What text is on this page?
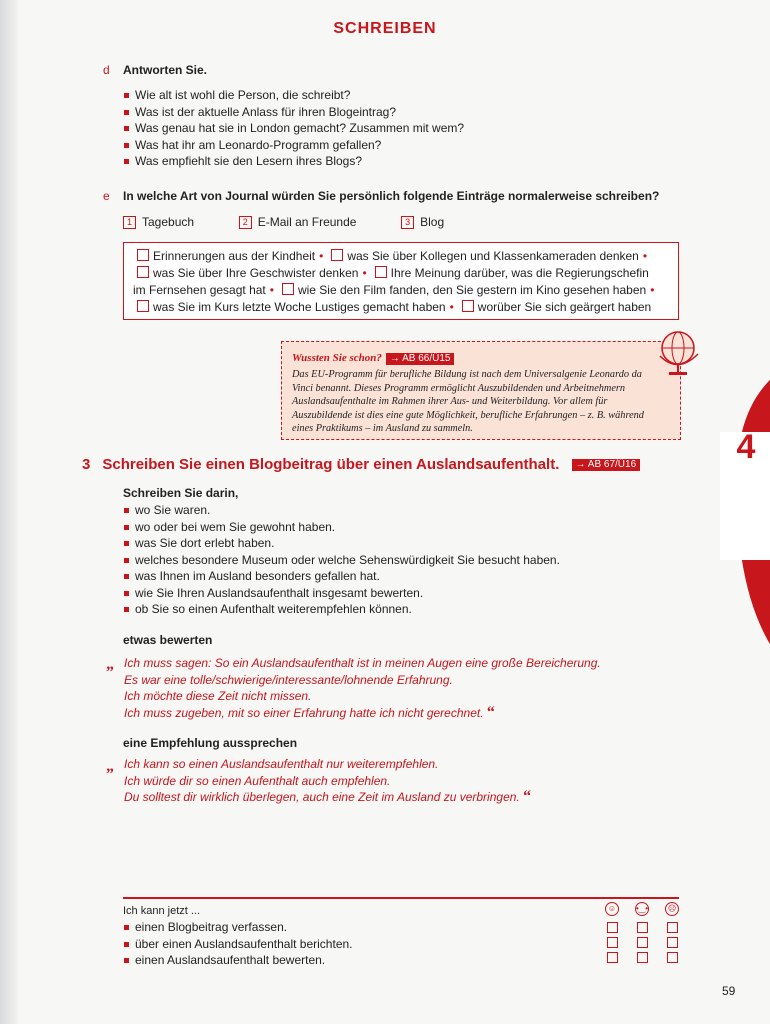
SCHREIBEN
d Antworten Sie.
Wie alt ist wohl die Person, die schreibt?
Was ist der aktuelle Anlass für ihren Blogeintrag?
Was genau hat sie in London gemacht? Zusammen mit wem?
Was hat ihr am Leonardo-Programm gefallen?
Was empfiehlt sie den Lesern ihres Blogs?
e In welche Art von Journal würden Sie persönlich folgende Einträge normalerweise schreiben?
1 Tagebuch	2 E-Mail an Freunde	3 Blog
Erinnerungen aus der Kindheit • was Sie über Kollegen und Klassenkameraden denken •
was Sie über Ihre Geschwister denken • Ihre Meinung darüber, was die Regierungschefin
im Fernsehen gesagt hat • wie Sie den Film fanden, den Sie gestern im Kino gesehen haben •
was Sie im Kurs letzte Woche Lustiges gemacht haben • worüber Sie sich geärgert haben
Wussten Sie schon? → AB 66/Ü15
Das EU-Programm für berufliche Bildung ist nach dem Universalgenie Leonardo da Vinci benannt. Dieses Programm ermöglicht Auszubildenden und Arbeitnehmern Auslandsaufenthalte im Rahmen ihrer Aus- und Weiterbildung. Vor allem für Auszubildende ist dies eine gute Möglichkeit, berufliche Erfahrungen – z. B. während eines Praktikums – im Ausland zu sammeln.
3 Schreiben Sie einen Blogbeitrag über einen Auslandsaufenthalt. → AB 67/Ü16
Schreiben Sie darin,
wo Sie waren.
wo oder bei wem Sie gewohnt haben.
was Sie dort erlebt haben.
welches besondere Museum oder welche Sehenswürdigkeit Sie besucht haben.
was Ihnen im Ausland besonders gefallen hat.
wie Sie Ihren Auslandsaufenthalt insgesamt bewerten.
ob Sie so einen Aufenthalt weiterempfehlen können.
etwas bewerten
„ Ich muss sagen: So ein Auslandsaufenthalt ist in meinen Augen eine große Bereicherung.
Es war eine tolle/schwierige/interessante/lohnende Erfahrung.
Ich möchte diese Zeit nicht missen.
Ich muss zugeben, mit so einer Erfahrung hatte ich nicht gerechnet. “
eine Empfehlung aussprechen
„ Ich kann so einen Auslandsaufenthalt nur weiterempfehlen.
Ich würde dir so einen Aufenthalt auch empfehlen.
Du solltest dir wirklich überlegen, auch eine Zeit im Ausland zu verbringen. “
4
Ich kann jetzt ...
einen Blogbeitrag verfassen.
über einen Auslandsaufenthalt berichten.
einen Auslandsaufenthalt bewerten.
☺	•‿•	☹
59
